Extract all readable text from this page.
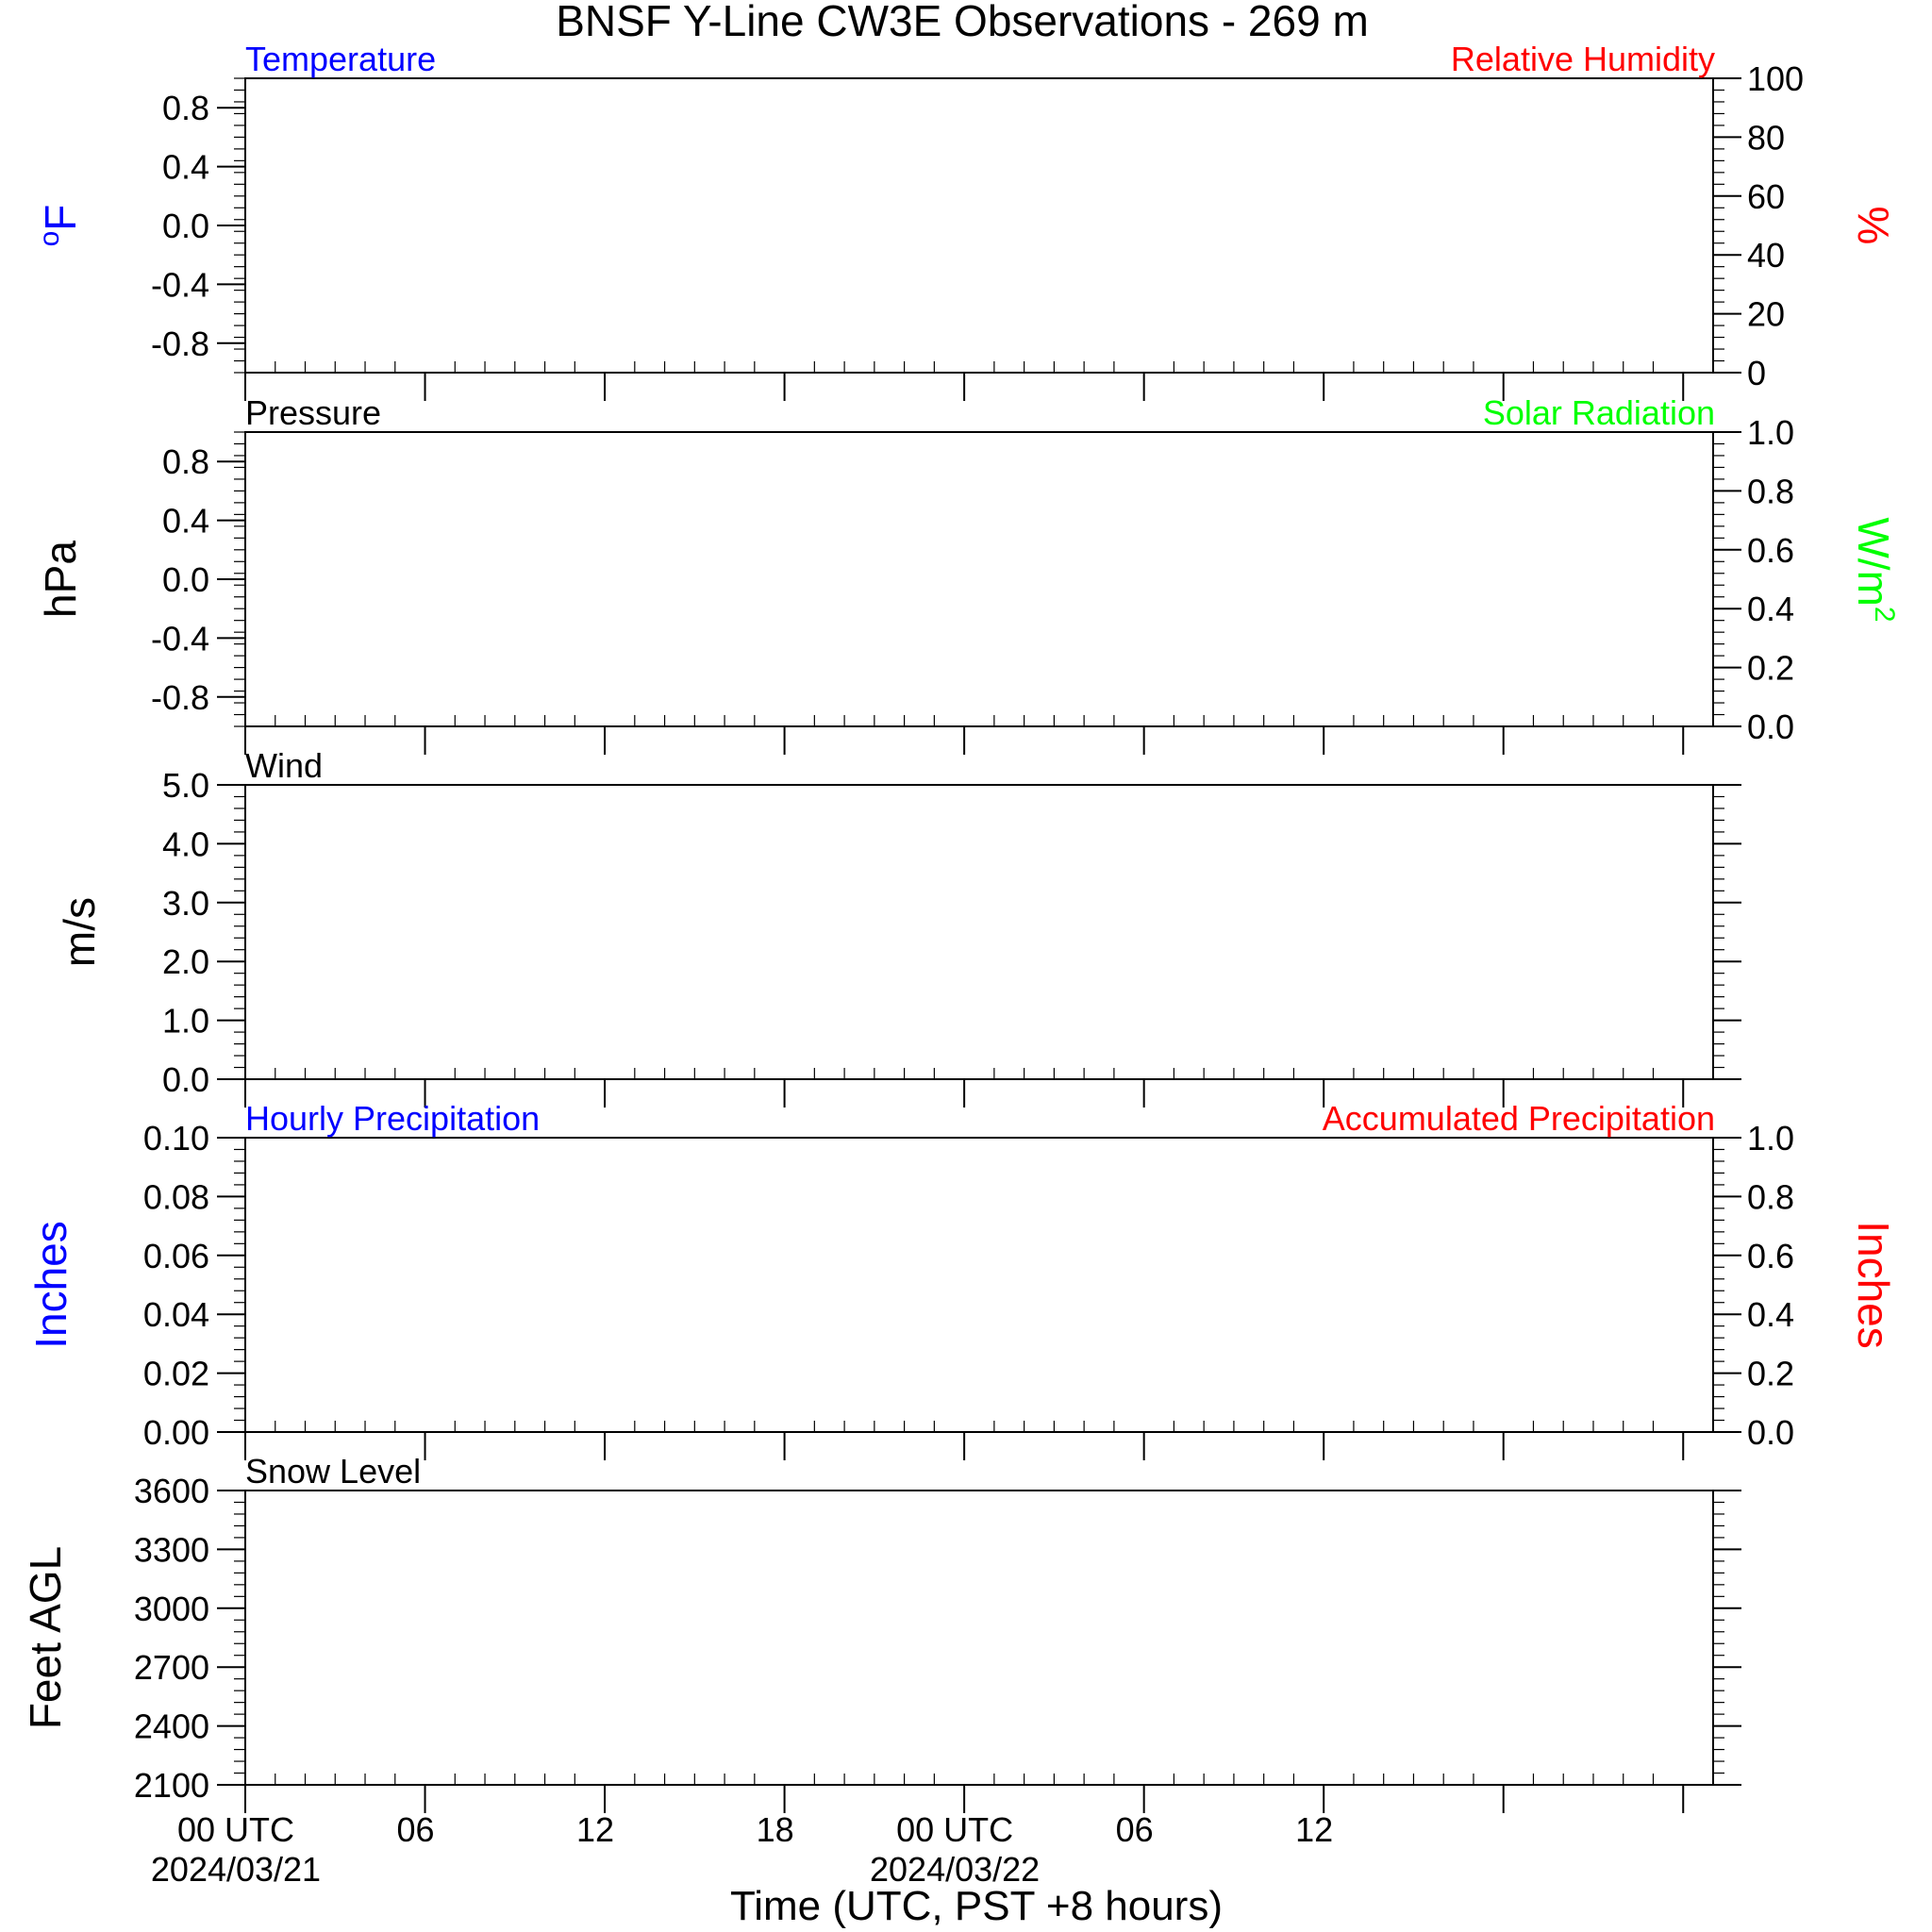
BNSF Y-Line CW3E Observations - 269 m
Temperature	Relative Humidity
0.8
0.4
0.0
-0.4
-0.8
100
80
60
40
20
0
$^o$F	%
Pressure	Solar Radiation
0.8
0.4
0.0
-0.4
-0.8
1.0
0.8
0.6
0.4
0.2
0.0
hPa	$W/m^2$
Wind
5.0
4.0
3.0
2.0
1.0
0.0
m/s
Hourly Precipitation	Accumulated Precipitation
0.10
0.08
0.06
0.04
0.02
0.00
1.0
0.8
0.6
0.4
0.2
0.0
Inches	Inches
Snow Level
3600
3300
3000
2700
2400
2100
Feet AGL
00 UTC
2024/03/21
06	12	18	00 UTC
2024/03/22
06	12
Time (UTC, PST +8 hours)
